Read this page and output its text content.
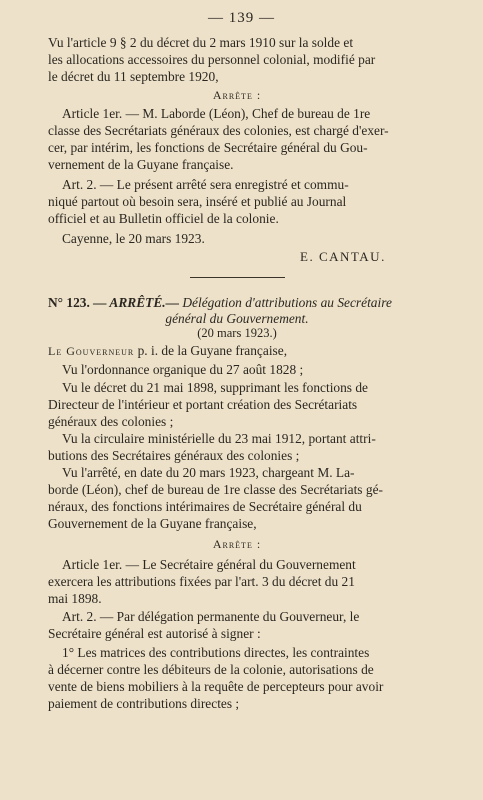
— 139 —
Vu l'article 9 § 2 du décret du 2 mars 1910 sur la solde et
les allocations accessoires du personnel colonial, modifié par
le décret du 11 septembre 1920,
Arrête :
Article 1er. — M. Laborde (Léon), Chef de bureau de 1re
classe des Secrétariats généraux des colonies, est chargé d'exer-
cer, par intérim, les fonctions de Secrétaire général du Gou-
vernement de la Guyane française.
Art. 2. — Le présent arrêté sera enregistré et commu-
niqué partout où besoin sera, inséré et publié au Journal
officiel et au Bulletin officiel de la colonie.
Cayenne, le 20 mars 1923.
E. CANTAU.
N° 123. — ARRÊTÉ.— Délégation d'attributions au Secrétaire
général du Gouvernement.
(20 mars 1923.)
Le Gouverneur p. i. de la Guyane française,
Vu l'ordonnance organique du 27 août 1828 ;
Vu le décret du 21 mai 1898, supprimant les fonctions de
Directeur de l'intérieur et portant création des Secrétariats
généraux des colonies ;
Vu la circulaire ministérielle du 23 mai 1912, portant attri-
butions des Secrétaires généraux des colonies ;
Vu l'arrêté, en date du 20 mars 1923, chargeant M. La-
borde (Léon), chef de bureau de 1re classe des Secrétariats gé-
néraux, des fonctions intérimaires de Secrétaire général du
Gouvernement de la Guyane française,
Arrête :
Article 1er. — Le Secrétaire général du Gouvernement
exercera les attributions fixées par l'art. 3 du décret du 21
mai 1898.
Art. 2. — Par délégation permanente du Gouverneur, le
Secrétaire général est autorisé à signer :
1° Les matrices des contributions directes, les contraintes
à décerner contre les débiteurs de la colonie, autorisations de
vente de biens mobiliers à la requête de percepteurs pour avoir
paiement de contributions directes ;
